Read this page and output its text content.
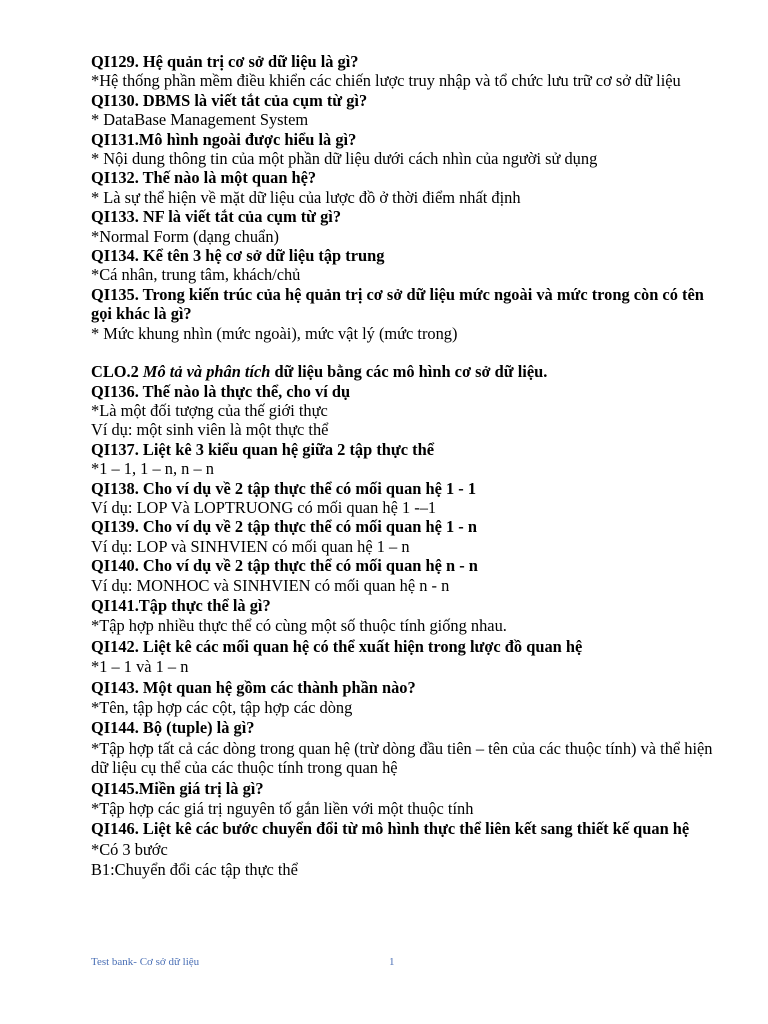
QI129. Hệ quản trị cơ sở dữ liệu là gì?
*Hệ thống phần mềm điều khiển các chiến lược truy nhập và tổ chức lưu trữ cơ sở dữ liệu
QI130. DBMS là viết tắt của cụm từ gì?
* DataBase Management System
QI131.Mô hình ngoài được hiểu là gì?
* Nội dung thông tin của một phần dữ liệu dưới cách nhìn của người sử dụng
QI132. Thế nào là một quan hệ?
* Là sự thể hiện về mặt dữ liệu của lược đồ ở thời điểm nhất định
QI133. NF là viết tắt của cụm từ gì?
*Normal Form (dạng chuẩn)
QI134. Kể tên 3 hệ cơ sở dữ liệu tập trung
*Cá nhân, trung tâm, khách/chủ
QI135. Trong kiến trúc của hệ quản trị cơ sở dữ liệu mức ngoài và mức trong còn có tên gọi khác là gì?
* Mức khung nhìn (mức ngoài), mức vật lý (mức trong)
CLO.2 Mô tả và phân tích dữ liệu bằng các mô hình cơ sở dữ liệu.
QI136. Thế nào là thực thể, cho ví dụ
*Là một đối tượng của thế giới thực
Ví dụ: một sinh viên là một thực thể
QI137. Liệt kê 3 kiểu quan hệ giữa 2 tập thực thể
*1 – 1, 1 – n, n – n
QI138. Cho ví dụ về 2 tập thực thể có mối quan hệ 1 - 1
Ví dụ: LOP Và LOPTRUONG có mối quan hệ 1 -–1
QI139. Cho ví dụ về 2 tập thực thể có mối quan hệ 1 - n
Ví dụ: LOP và SINHVIEN có mối quan hệ 1 – n
QI140. Cho ví dụ về 2 tập thực thể có mối quan hệ n - n
Ví dụ: MONHOC và SINHVIEN có mối quan hệ n - n
QI141.Tập thực thể là gì?
*Tập hợp nhiều thực thể có cùng một số thuộc tính giống nhau.
QI142. Liệt kê các mối quan hệ có thể xuất hiện trong lược đồ quan hệ
*1 – 1 và 1 – n
QI143. Một quan hệ gồm các thành phần nào?
*Tên, tập hợp các cột, tập hợp các dòng
QI144. Bộ (tuple) là gì?
*Tập hợp tất cả các dòng trong quan hệ (trừ dòng đầu tiên – tên của các thuộc tính) và thể hiện dữ liệu cụ thể của các thuộc tính trong quan hệ
QI145.Miền giá trị là gì?
*Tập hợp các giá trị nguyên tố gắn liền với một thuộc tính
QI146. Liệt kê các bước chuyển đổi từ mô hình thực thể liên kết sang thiết kế quan hệ
*Có 3 bước
B1:Chuyển đổi các tập thực thể
Test bank- Cơ sở dữ liệu	1
